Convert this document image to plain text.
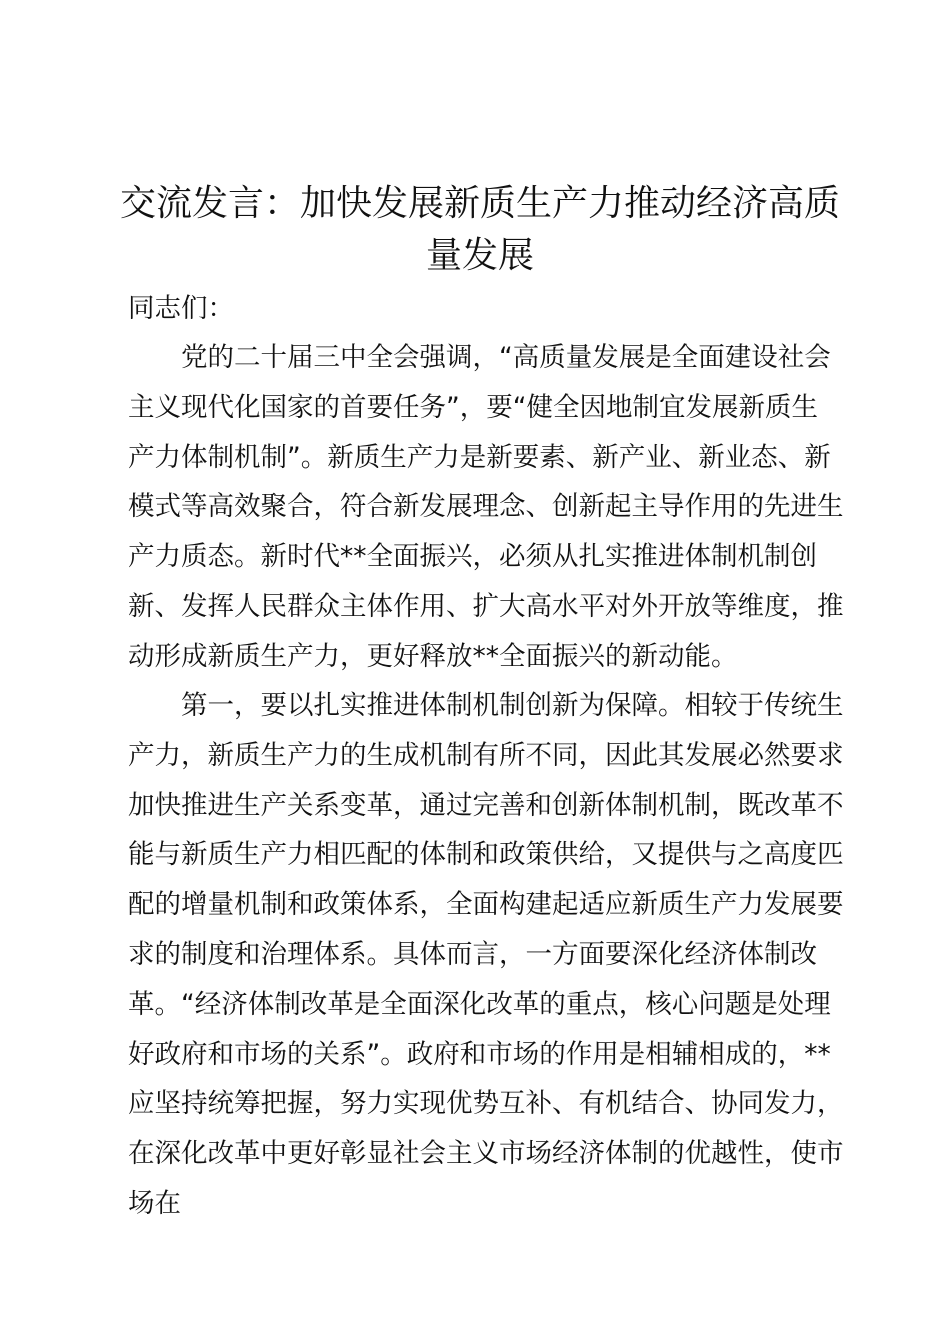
交流发言：加快发展新质生产力推动经济高质量发展

同志们：

党的二十届三中全会强调，“高质量发展是全面建设社会主义现代化国家的首要任务”，要“健全因地制宜发展新质生产力体制机制”。新质生产力是新要素、新产业、新业态、新模式等高效聚合，符合新发展理念、创新起主导作用的先进生产力质态。新时代**全面振兴，必须从扎实推进体制机制创新、发挥人民群众主体作用、扩大高水平对外开放等维度，推动形成新质生产力，更好释放**全面振兴的新动能。

第一，要以扎实推进体制机制创新为保障。相较于传统生产力，新质生产力的生成机制有所不同，因此其发展必然要求加快推进生产关系变革，通过完善和创新体制机制，既改革不能与新质生产力相匹配的体制和政策供给，又提供与之高度匹配的增量机制和政策体系，全面构建起适应新质生产力发展要求的制度和治理体系。具体而言，一方面要深化经济体制改革。“经济体制改革是全面深化改革的重点，核心问题是处理好政府和市场的关系”。政府和市场的作用是相辅相成的，**应坚持统筹把握，努力实现优势互补、有机结合、协同发力，在深化改革中更好彰显社会主义市场经济体制的优越性，使市场在
